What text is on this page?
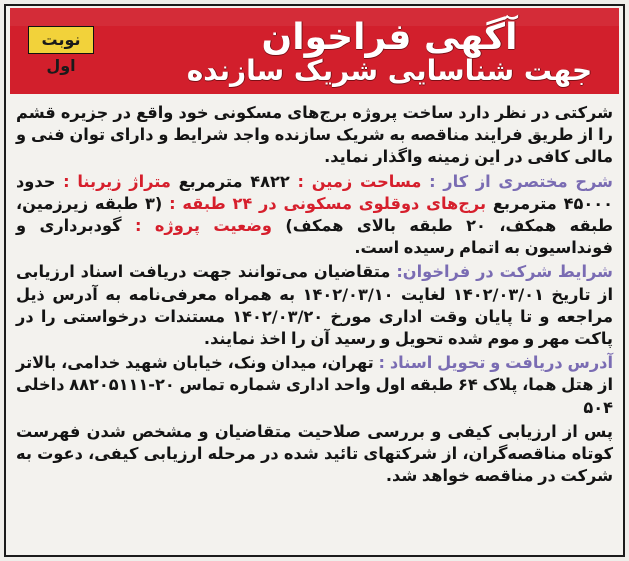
نوبت اول
آگهی فراخوان
جهت شناسایی شریک سازنده

شرکتی در نظر دارد ساخت پروژه برج‌های مسکونی خود واقع در جزیره قشم را از طریق فرایند مناقصه به شریک سازنده واجد شرایط و دارای توان فنی و مالی کافی در این زمینه واگذار نماید.

شرح مختصری از کار : مساحت زمین : ۴۸۲۲ مترمربع متراژ زیربنا : حدود ۴۵۰۰۰ مترمربع برج‌های دوقلوی مسکونی در ۲۴ طبقه : (۳ طبقه زیرزمین، طبقه همکف، ۲۰ طبقه بالای همکف) وضعیت پروژه : گودبرداری و فونداسیون به اتمام رسیده است.

شرایط شرکت در فراخوان: متقاضیان می‌توانند جهت دریافت اسناد ارزیابی از تاریخ ۱۴۰۲/۰۳/۰۱ لغایت ۱۴۰۲/۰۳/۱۰ به همراه معرفی‌نامه به آدرس ذیل مراجعه و تا پایان وقت اداری مورخ ۱۴۰۲/۰۳/۲۰ مستندات درخواستی را در پاکت مهر و موم شده تحویل و رسید آن را اخذ نمایند.

آدرس دریافت و تحویل اسناد : تهران، میدان ونک، خیابان شهید خدامی، بالاتر از هتل هما، پلاک ۶۴ طبقه اول واحد اداری شماره تماس ۲۰-۸۸۲۰۵۱۱۱ داخلی ۵۰۴

پس از ارزیابی کیفی و بررسی صلاحیت متقاضیان و مشخص شدن فهرست کوتاه مناقصه‌گران، از شرکتهای تائید شده در مرحله ارزیابی کیفی، دعوت به شرکت در مناقصه خواهد شد.
